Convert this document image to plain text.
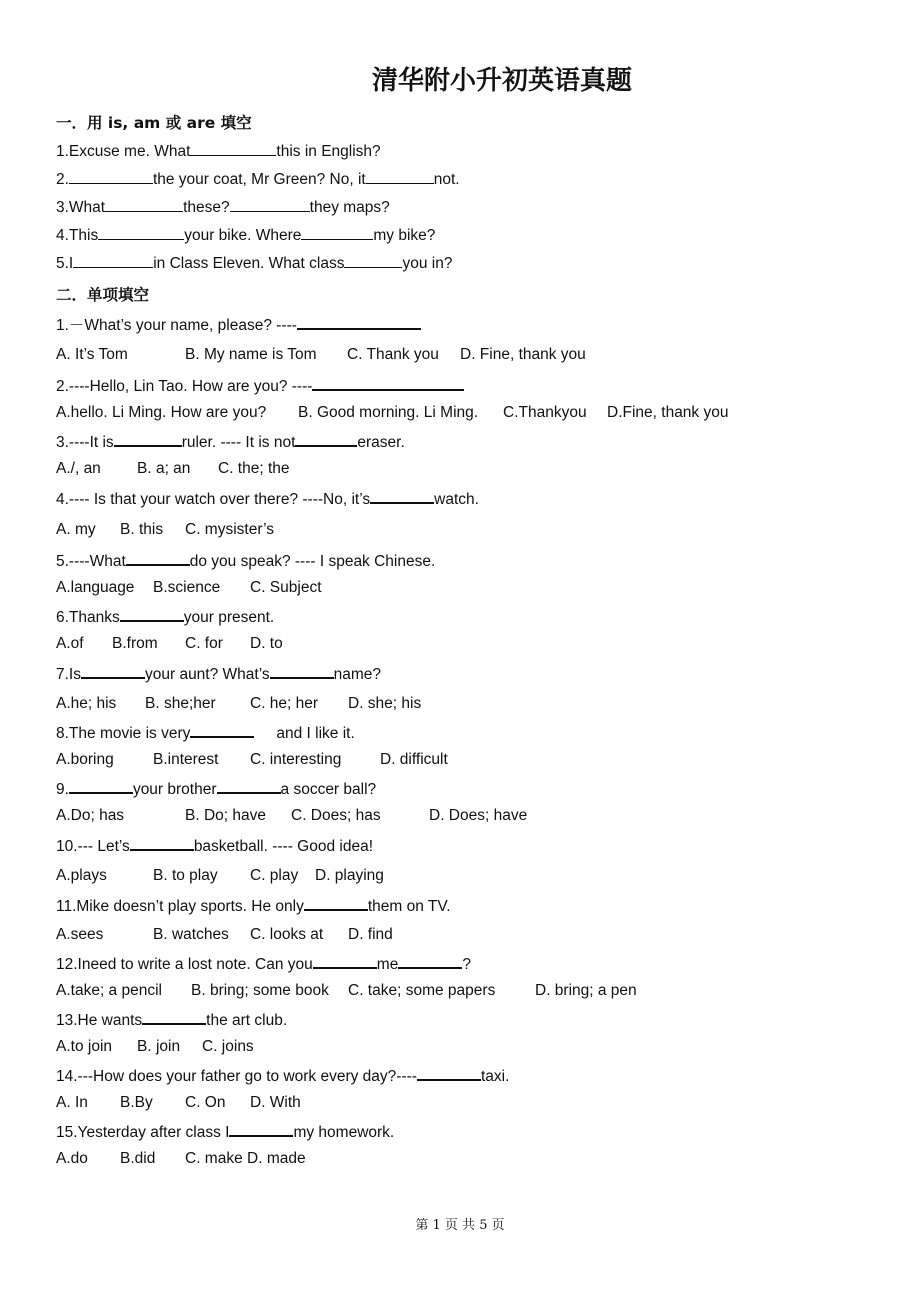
清华附小升初英语真题
一．用 is, am 或 are 填空
1.Excuse me. What	this in English?
2.	the your coat, Mr Green? No, it	not.
3.What	these?	they maps?
4.This	your bike. Where	my bike?
5.I	in Class Eleven. What class	you in?
二．单项填空
1.－What’s your name, please? ----
A. It’s Tom	B. My name is Tom C. Thank you D. Fine, thank you
2.----Hello, Lin Tao. How are you? ----
A.hello. Li Ming. How are you? B. Good morning. Li Ming. C.Thankyou D.Fine, thank you
3.----It is	ruler. ---- It is not	eraser.
A./, an B. a; an C. the; the
4.---- Is that your watch over there? ----No, it’s	watch.
A. my B. this C. mysister’s
5.----What	do you speak? ---- I speak Chinese.
A.language B.science C. Subject
6.Thanks	your present.
A.of B.from C. for D. to
7.Is	your aunt? What’s	name?
A.he; his B. she;her C. he; her D. she; his
8.The movie is very	and I like it.
A.boring	B.interest C. interesting D. difficult
9.	your brother	a soccer ball?
A.Do; has	B. Do; have C. Does; has	D. Does; have
10.--- Let’s	basketball. ---- Good idea!
A.plays	B. to play C. play D. playing
11.Mike doesn’t play sports. He only	them on TV.
A.sees	B. watches C. looks at D. find
12.Ineed to write a lost note. Can you	me	?
A.take; a pencil B. bring; some book C. take; some papers	D. bring; a pen
13.He wants	the art club.
A.to join B. join C. joins
14.---How does your father go to work every day?----	taxi.
A. In B.By C. On D. With
15.Yesterday after class I	my homework.
A.do B.did C. make D. made
第 1 页 共 5 页
